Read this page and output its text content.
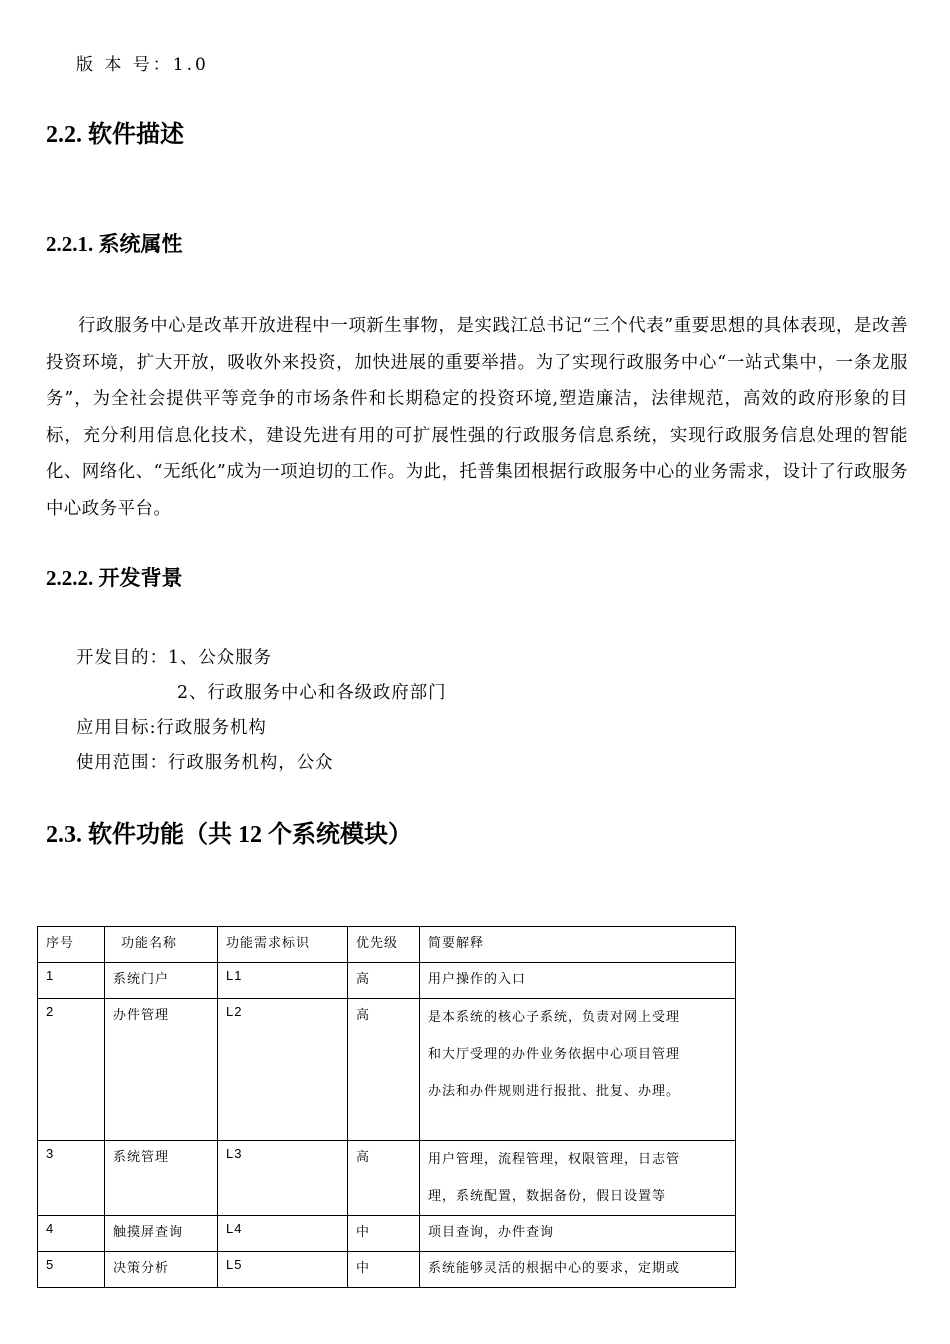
版 本 号：1.0
2.2. 软件描述
2.2.1. 系统属性
行政服务中心是改革开放进程中一项新生事物，是实践江总书记“三个代表”重要思想的具体表现，是改善投资环境，扩大开放，吸收外来投资，加快进展的重要举措。为了实现行政服务中心“一站式集中，一条龙服务”，为全社会提供平等竞争的市场条件和长期稳定的投资环境,塑造廉洁，法律规范，高效的政府形象的目标，充分利用信息化技术，建设先进有用的可扩展性强的行政服务信息系统，实现行政服务信息处理的智能化、网络化、“无纸化”成为一项迫切的工作。为此，托普集团根据行政服务中心的业务需求，设计了行政服务中心政务平台。
2.2.2. 开发背景
开发目的：1、公众服务
2、行政服务中心和各级政府部门
应用目标:行政服务机构
使用范围：行政服务机构，公众
2.3. 软件功能（共 12 个系统模块）
序号	功能名称	功能需求标识	优先级	简要解释
1	系统门户	L1	高	用户操作的入口

2	办件管理	L2	高	是本系统的核心子系统，负责对网上受理
和大厅受理的办件业务依据中心项目管理
办法和办件规则进行报批、批复、办理。

3	系统管理	L3	高	用户管理，流程管理，权限管理，日志管
理，系统配置，数据备份，假日设置等

4	触摸屏查询	L4	中	项目查询，办件查询

5	决策分析	L5	中	系统能够灵活的根据中心的要求，定期或
